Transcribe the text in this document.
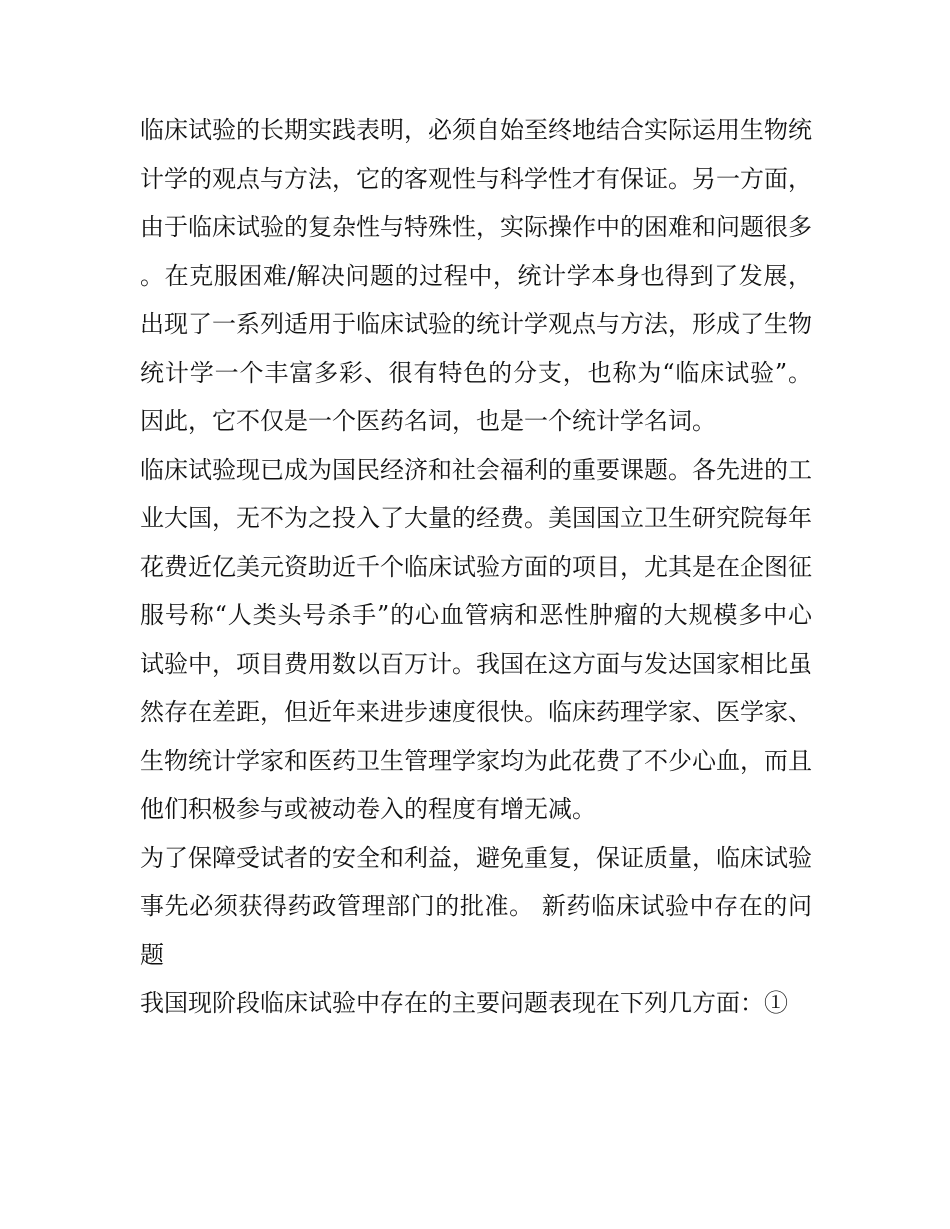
临床试验的长期实践表明，必须自始至终地结合实际运用生物统计学的观点与方法，它的客观性与科学性才有保证。另一方面，由于临床试验的复杂性与特殊性，实际操作中的困难和问题很多。在克服困难/解决问题的过程中，统计学本身也得到了发展，出现了一系列适用于临床试验的统计学观点与方法，形成了生物统计学一个丰富多彩、很有特色的分支，也称为“临床试验”。因此，它不仅是一个医药名词，也是一个统计学名词。

临床试验现已成为国民经济和社会福利的重要课题。各先进的工业大国，无不为之投入了大量的经费。美国国立卫生研究院每年花费近亿美元资助近千个临床试验方面的项目，尤其是在企图征服号称“人类头号杀手”的心血管病和恶性肿瘤的大规模多中心试验中，项目费用数以百万计。我国在这方面与发达国家相比虽然存在差距，但近年来进步速度很快。临床药理学家、医学家、生物统计学家和医药卫生管理学家均为此花费了不少心血，而且他们积极参与或被动卷入的程度有增无减。

为了保障受试者的安全和利益，避免重复，保证质量，临床试验事先必须获得药政管理部门的批准。 新药临床试验中存在的问题

我国现阶段临床试验中存在的主要问题表现在下列几方面：①
